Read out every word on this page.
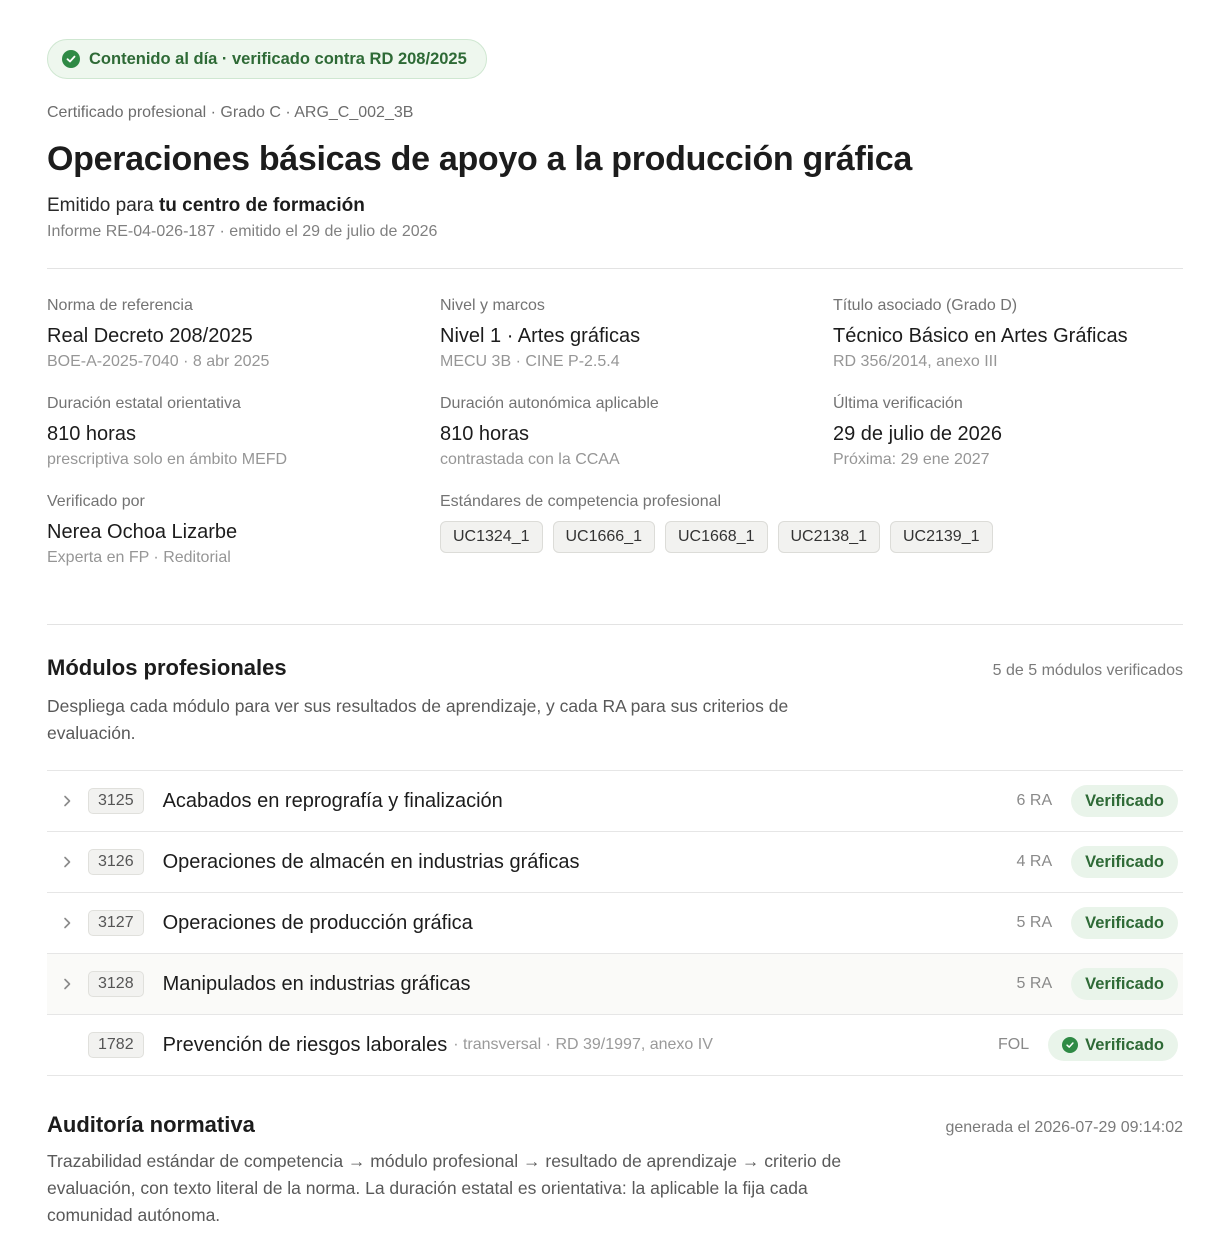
Contenido al día · verificado contra RD 208/2025
Certificado profesional · Grado C · ARG_C_002_3B
Operaciones básicas de apoyo a la producción gráfica
Emitido para tu centro de formación
Informe RE-04-026-187 · emitido el 29 de julio de 2026
Norma de referencia
Real Decreto 208/2025
BOE-A-2025-7040 · 8 abr 2025
Nivel y marcos
Nivel 1 · Artes gráficas
MECU 3B · CINE P-2.5.4
Título asociado (Grado D)
Técnico Básico en Artes Gráficas
RD 356/2014, anexo III
Duración estatal orientativa
810 horas
prescriptiva solo en ámbito MEFD
Duración autonómica aplicable
810 horas
contrastada con la CCAA
Última verificación
29 de julio de 2026
Próxima: 29 ene 2027
Verificado por
Nerea Ochoa Lizarbe
Experta en FP · Reditorial
Estándares de competencia profesional
UC1324_1	UC1666_1	UC1668_1	UC2138_1	UC2139_1
Módulos profesionales	5 de 5 módulos verificados
Despliega cada módulo para ver sus resultados de aprendizaje, y cada RA para sus criterios de evaluación.
3125	Acabados en reprografía y finalización	6 RA Verificado
3126	Operaciones de almacén en industrias gráficas	4 RA Verificado
3127	Operaciones de producción gráfica	5 RA Verificado
3128	Manipulados en industrias gráficas	5 RA Verificado
1782	Prevención de riesgos laborales · transversal · RD 39/1997, anexo IV	FOL	Verificado
Auditoría normativa	generada el 2026-07-29 09:14:02
Trazabilidad estándar de competencia → módulo profesional → resultado de aprendizaje → criterio de evaluación, con texto literal de la norma. La duración estatal es orientativa: la aplicable la fija cada comunidad autónoma.
